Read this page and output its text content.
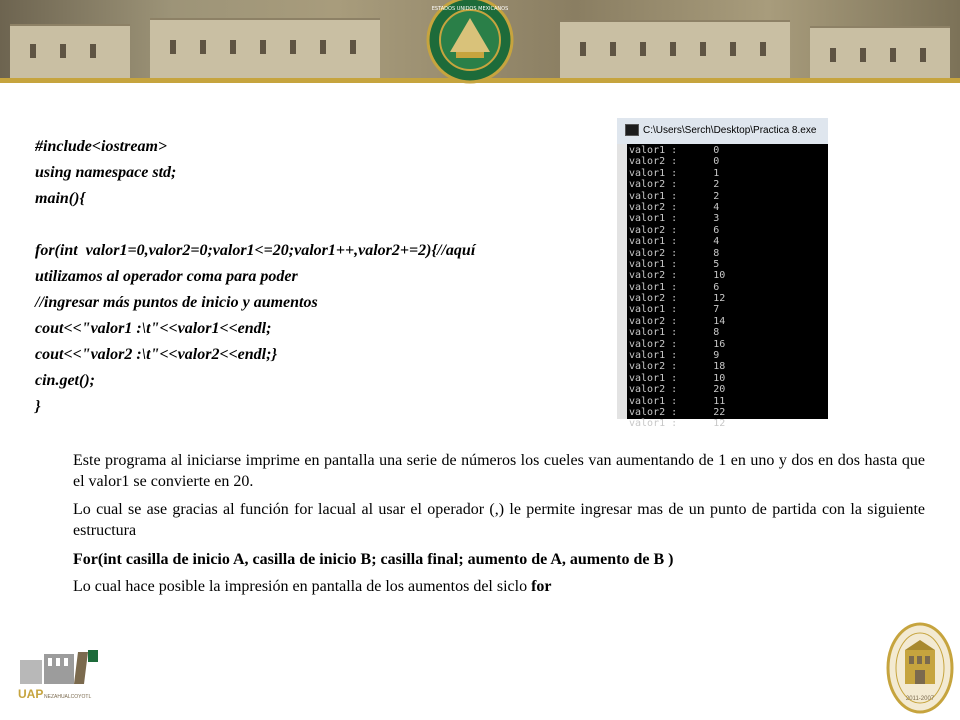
ESTADOS UNIDOS MEXICANOS
#include<iostream>
using namespace std;
main(){
for(int  valor1=0,valor2=0;valor1<=20;valor1++,valor2+=2){//aquí
utilizamos al operador coma para poder
//ingresar más puntos de inicio y aumentos
cout<<"valor1 :\t"<<valor1<<endl;
cout<<"valor2 :\t"<<valor2<<endl;}
cin.get();
}
C:\Users\Serch\Desktop\Practica 8.exe
valor1 :      0
valor2 :      0
valor1 :      1
valor2 :      2
valor1 :      2
valor2 :      4
valor1 :      3
valor2 :      6
valor1 :      4
valor2 :      8
valor1 :      5
valor2 :      10
valor1 :      6
valor2 :      12
valor1 :      7
valor2 :      14
valor1 :      8
valor2 :      16
valor1 :      9
valor2 :      18
valor1 :      10
valor2 :      20
valor1 :      11
valor2 :      22
valor1 :      12
Este programa al iniciarse imprime en pantalla una serie de números los cueles van aumentando de 1 en uno y dos en dos hasta que el valor1 se convierte en 20.
Lo cual se ase gracias al función for lacual al usar el operador (,) le permite ingresar mas de un punto de partida con la siguiente estructura
For(int casilla de inicio A, casilla de inicio B; casilla final; aumento de A, aumento de B )
Lo cual hace posible la impresión en pantalla de los aumentos del siclo for
UAP NEZAHUALCOYOTL	2011-2007
